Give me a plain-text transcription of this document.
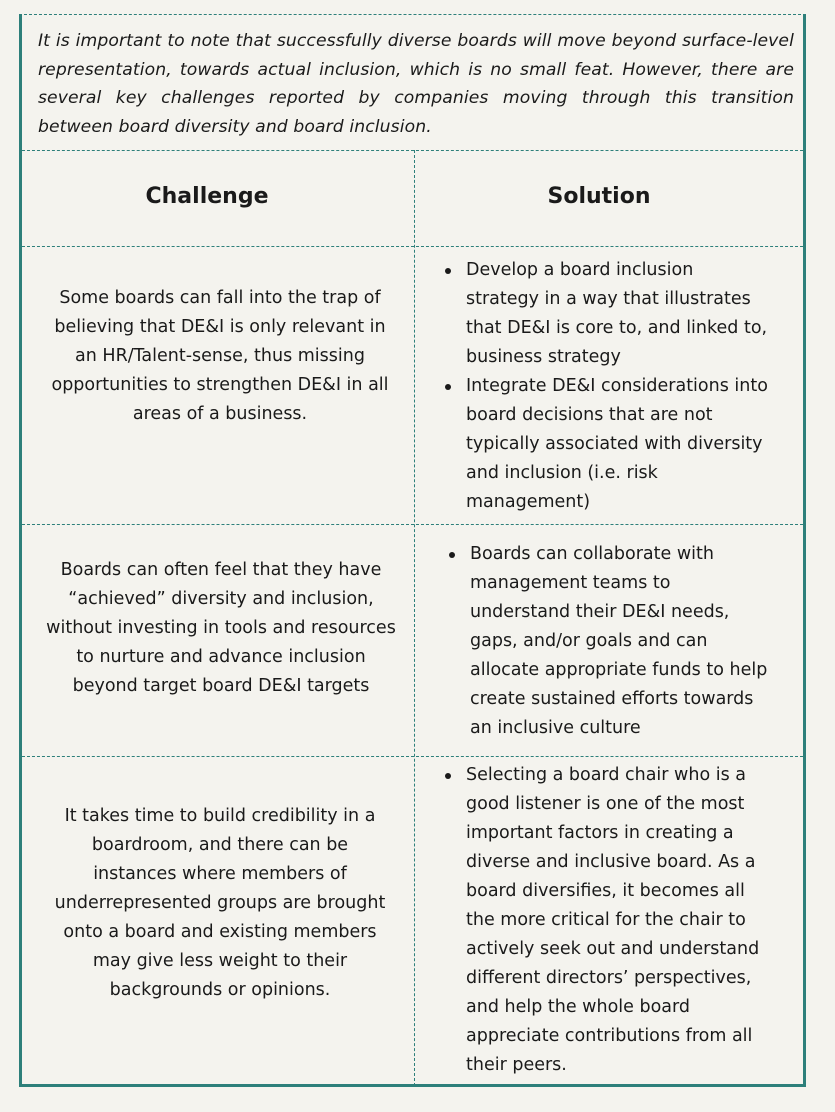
It is important to note that successfully diverse boards will move beyond surface-level representation, towards actual inclusion, which is no small feat. However, there are several key challenges reported by companies moving through this transition between board diversity and board inclusion.

Challenge	Solution
Some boards can fall into the trap of believing that DE&I is only relevant in an HR/Talent-sense, thus missing opportunities to strengthen DE&I in all areas of a business.
Develop a board inclusion strategy in a way that illustrates that DE&I is core to, and linked to, business strategy
Integrate DE&I considerations into board decisions that are not typically associated with diversity and inclusion (i.e. risk management)
Boards can often feel that they have “achieved” diversity and inclusion, without investing in tools and resources to nurture and advance inclusion beyond target board DE&I targets
Boards can collaborate with management teams to understand their DE&I needs, gaps, and/or goals and can allocate appropriate funds to help create sustained efforts towards an inclusive culture
It takes time to build credibility in a boardroom, and there can be instances where members of underrepresented groups are brought onto a board and existing members may give less weight to their backgrounds or opinions.
Selecting a board chair who is a good listener is one of the most important factors in creating a diverse and inclusive board. As a board diversifies, it becomes all the more critical for the chair to actively seek out and understand different directors’ perspectives, and help the whole board appreciate contributions from all their peers.
